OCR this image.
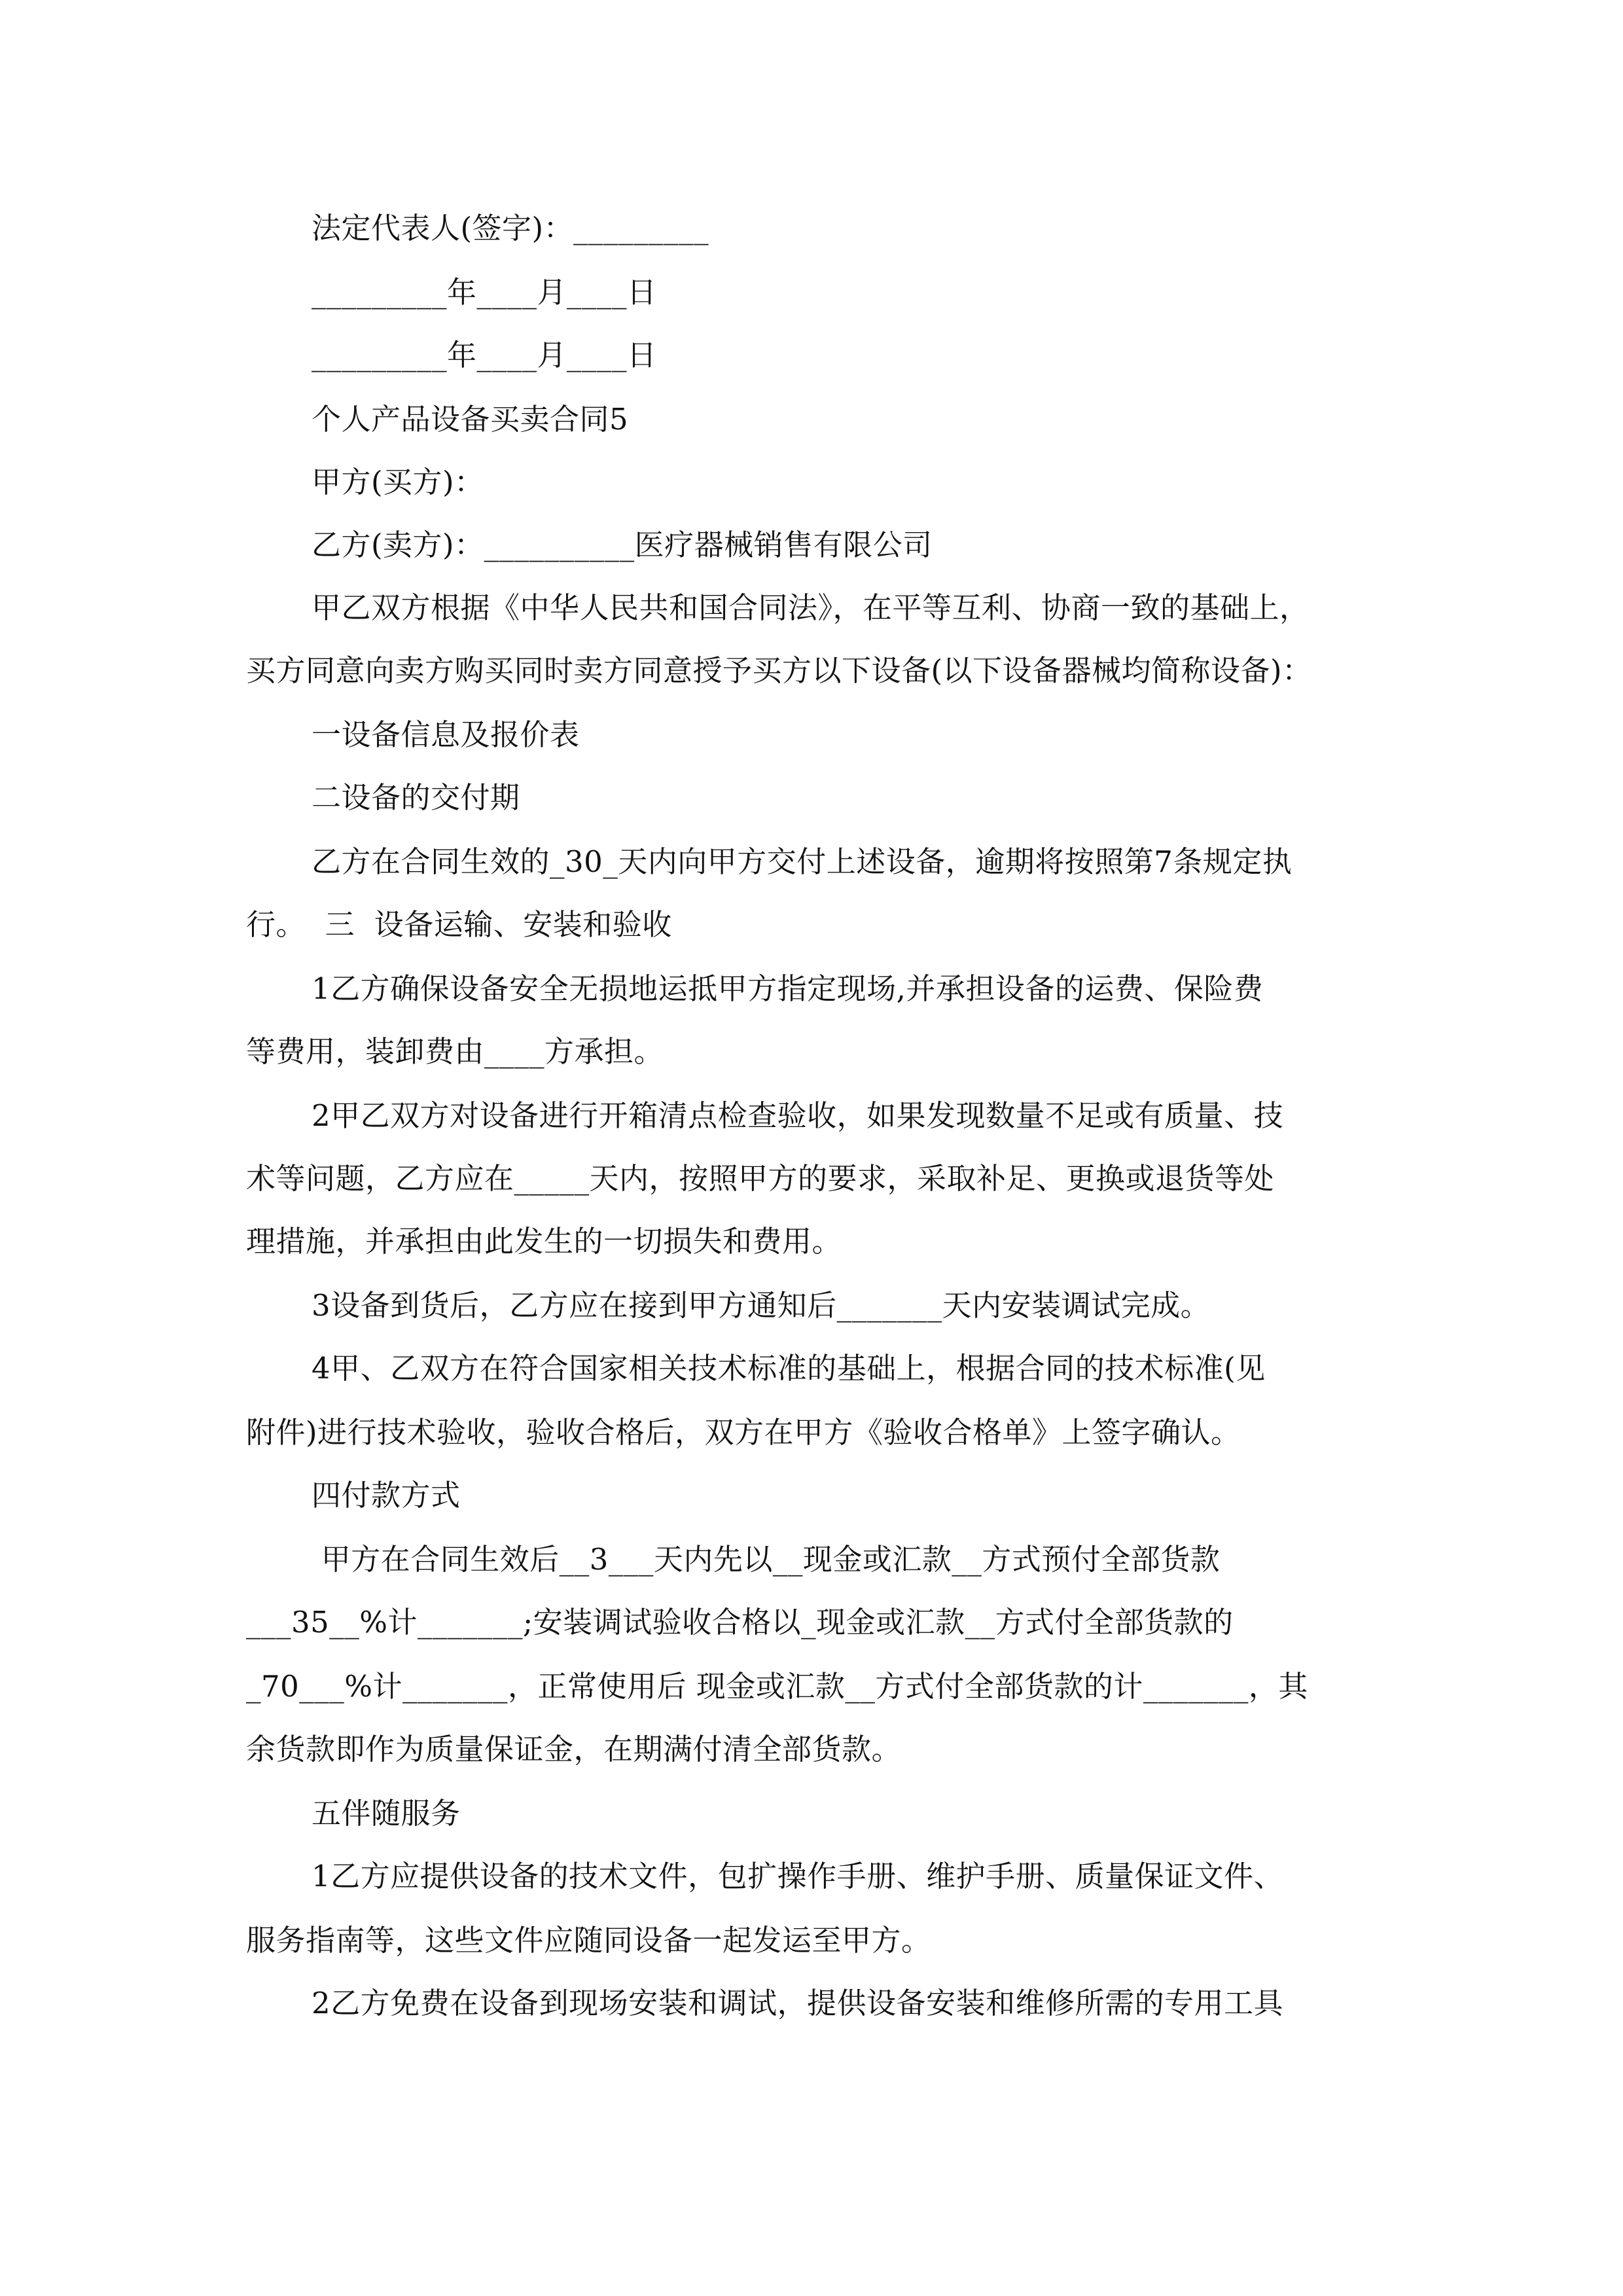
法定代表人(签字)：_________
_________年____月____日
_________年____月____日
个人产品设备买卖合同5
甲方(买方)：
乙方(卖方)：__________医疗器械销售有限公司
甲乙双方根据《中华人民共和国合同法》，在平等互利、协商一致的基础上，
买方同意向卖方购买同时卖方同意授予买方以下设备(以下设备器械均简称设备)：
一设备信息及报价表
二设备的交付期
乙方在合同生效的_30_天内向甲方交付上述设备，逾期将按照第7条规定执
行。  三  设备运输、安装和验收
1乙方确保设备安全无损地运抵甲方指定现场,并承担设备的运费、保险费
等费用，装卸费由____方承担。
2甲乙双方对设备进行开箱清点检查验收，如果发现数量不足或有质量、技
术等问题，乙方应在_____天内，按照甲方的要求，采取补足、更换或退货等处
理措施，并承担由此发生的一切损失和费用。
3设备到货后，乙方应在接到甲方通知后_______天内安装调试完成。
4甲、乙双方在符合国家相关技术标准的基础上，根据合同的技术标准(见
附件)进行技术验收，验收合格后，双方在甲方《验收合格单》上签字确认。
四付款方式
甲方在合同生效后__3___天内先以__现金或汇款__方式预付全部货款
___35__%计_______;安装调试验收合格以_现金或汇款__方式付全部货款的
_70___%计_______，正常使用后 现金或汇款__方式付全部货款的计_______，其
余货款即作为质量保证金，在期满付清全部货款。
五伴随服务
1乙方应提供设备的技术文件，包扩操作手册、维护手册、质量保证文件、
服务指南等，这些文件应随同设备一起发运至甲方。
2乙方免费在设备到现场安装和调试，提供设备安装和维修所需的专用工具
